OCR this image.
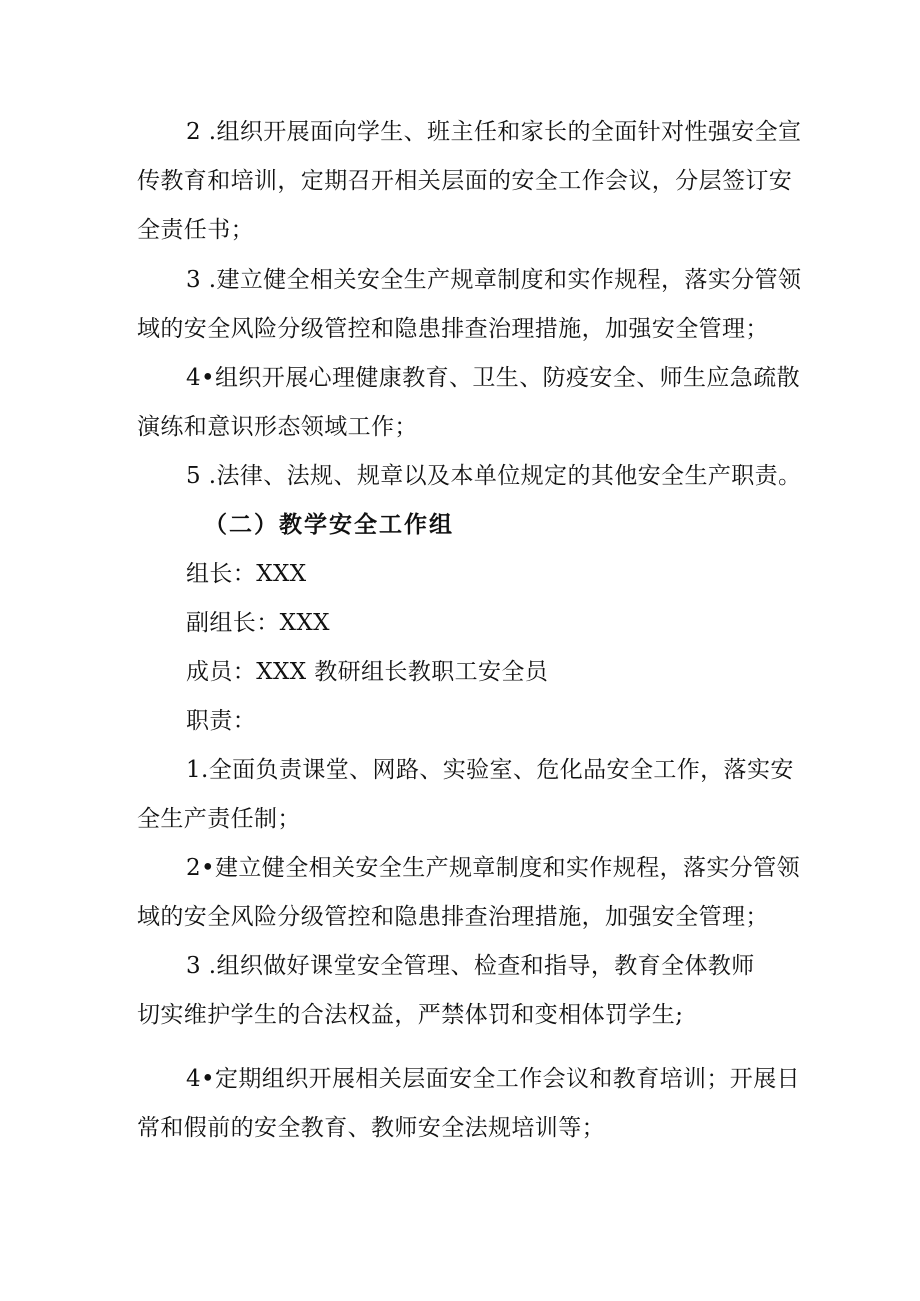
2 .组织开展面向学生、班主任和家长的全面针对性强安全宣
传教育和培训，定期召开相关层面的安全工作会议，分层签订安
全责任书；
3 .建立健全相关安全生产规章制度和实作规程，落实分管领
域的安全风险分级管控和隐患排查治理措施，加强安全管理；
4•组织开展心理健康教育、卫生、防疫安全、师生应急疏散
演练和意识形态领域工作；
5 .法律、法规、规章以及本单位规定的其他安全生产职责。
（二）教学安全工作组
组长：XXX
副组长：XXX
成员：XXX 教研组长教职工安全员
职责：
1.全面负责课堂、网路、实验室、危化品安全工作，落实安
全生产责任制；
2•建立健全相关安全生产规章制度和实作规程，落实分管领
域的安全风险分级管控和隐患排查治理措施，加强安全管理；
3 .组织做好课堂安全管理、检查和指导，教育全体教师
切实维护学生的合法权益，严禁体罚和变相体罚学生;
4•定期组织开展相关层面安全工作会议和教育培训；开展日
常和假前的安全教育、教师安全法规培训等；
